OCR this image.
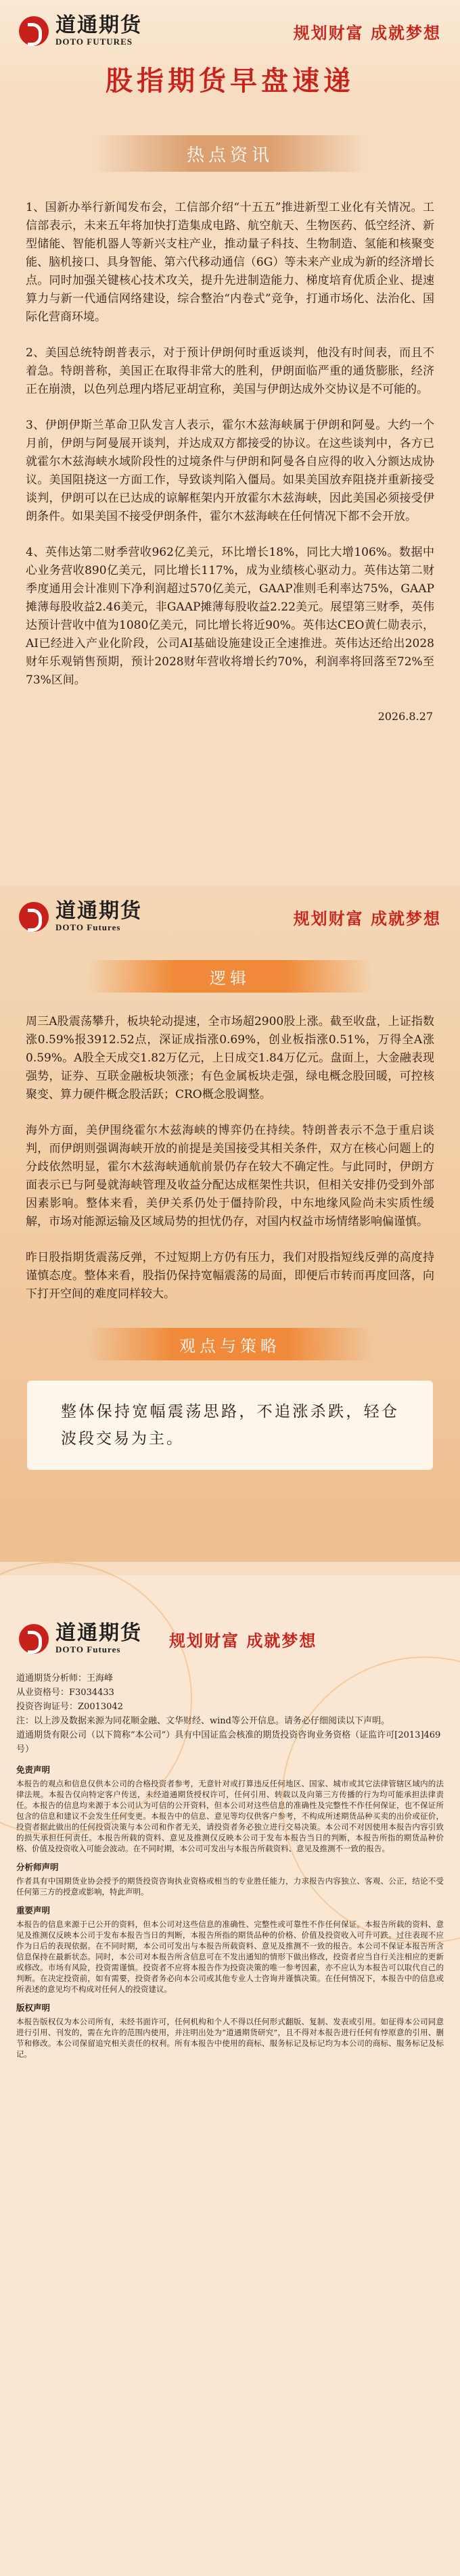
道通期货
DOTO FUTURES	规划财富 成就梦想
股指期货早盘速递
热点资讯

1、国新办举行新闻发布会，工信部介绍“十五五”推进新型工业化有关情况。工信部表示，未来五年将加快打造集成电路、航空航天、生物医药、低空经济、新型储能、智能机器人等新兴支柱产业，推动量子科技、生物制造、氢能和核聚变能、脑机接口、具身智能、第六代移动通信（6G）等未来产业成为新的经济增长点。同时加强关键核心技术攻关，提升先进制造能力、梯度培育优质企业、提速算力与新一代通信网络建设，综合整治“内卷式”竞争，打通市场化、法治化、国际化营商环境。

2、美国总统特朗普表示，对于预计伊朗何时重返谈判，他没有时间表，而且不着急。特朗普称，美国正在取得非常大的胜利，伊朗面临严重的通货膨胀，经济正在崩溃，以色列总理内塔尼亚胡宣称，美国与伊朗达成外交协议是不可能的。

3、伊朗伊斯兰革命卫队发言人表示，霍尔木兹海峡属于伊朗和阿曼。大约一个月前，伊朗与阿曼展开谈判，并达成双方都接受的协议。在这些谈判中，各方已就霍尔木兹海峡水域阶段性的过境条件与伊朗和阿曼各自应得的收入分额达成协议。美国阻挠这一方面工作，导致谈判陷入僵局。如果美国放弃阻挠并重新接受谈判，伊朗可以在已达成的谅解框架内开放霍尔木兹海峡，因此美国必须接受伊朗条件。如果美国不接受伊朗条件，霍尔木兹海峡在任何情况下都不会开放。

4、英伟达第二财季营收962亿美元，环比增长18%，同比大增106%。数据中心业务营收890亿美元，同比增长117%，成为业绩核心驱动力。英伟达第二财季度通用会计准则下净利润超过570亿美元，GAAP准则毛利率达75%，GAAP摊薄每股收益2.46美元，非GAAP摊薄每股收益2.22美元。展望第三财季，英伟达预计营收中值为1080亿美元，同比增长将近90%。英伟达CEO黄仁勋表示，AI已经进入产业化阶段，公司AI基础设施建设正全速推进。英伟达还给出2028财年乐观销售预期，预计2028财年营收将增长约70%，利润率将回落至72%至73%区间。

2026.8.27
道通期货
DOTO Futures	规划财富 成就梦想
逻辑

周三A股震荡攀升，板块轮动提速，全市场超2900股上涨。截至收盘，上证指数涨0.59%报3912.52点，深证成指涨0.69%，创业板指涨0.51%，万得全A涨0.59%。A股全天成交1.82万亿元，上日成交1.84万亿元。盘面上，大金融表现强势，证券、互联金融板块领涨；有色金属板块走强，绿电概念股回暖，可控核聚变、算力硬件概念股活跃；CRO概念股调整。

海外方面，美伊围绕霍尔木兹海峡的博弈仍在持续。特朗普表示不急于重启谈判，而伊朗则强调海峡开放的前提是美国接受其相关条件，双方在核心问题上的分歧依然明显，霍尔木兹海峡通航前景仍存在较大不确定性。与此同时，伊朗方面表示已与阿曼就海峡管理及收益分配达成框架性共识，但相关安排仍受到外部因素影响。整体来看，美伊关系仍处于僵持阶段，中东地缘风险尚未实质性缓解，市场对能源运输及区域局势的担忧仍存，对国内权益市场情绪影响偏谨慎。

昨日股指期货震荡反弹，不过短期上方仍有压力，我们对股指短线反弹的高度持谨慎态度。整体来看，股指仍保持宽幅震荡的局面，即便后市转而再度回落，向下打开空间的难度同样较大。

观点与策略
整体保持宽幅震荡思路，不追涨杀跌，轻仓波段交易为主。
道通期货
DOTO Futures	规划财富 成就梦想
道通期货分析师：王海峰
从业资格号：F3034433
投资咨询证号：Z0013042
注：以上涉及数据来源为同花顺金融、文华财经、wind等公开信息。请务必仔细阅读以下声明。
道通期货有限公司（以下简称“本公司”）具有中国证监会核准的期货投资咨询业务资格（证监许可[2013]469号）
免责声明

本报告的观点和信息仅供本公司的合格投资者参考，无意针对或打算违反任何地区、国家、城市或其它法律管辖区域内的法律法规。本报告仅向特定客户传送，未经道通期货授权许可，任何引用、转载以及向第三方传播的行为均可能承担法律责任。本报告的信息均来源于本公司认为可信的公开资料，但本公司对这些信息的准确性及完整性不作任何保证，也不保证所包含的信息和建议不会发生任何变更。本报告中的信息、意见等均仅供客户参考，不构成所述期货品种买卖的出价或征价，投资者据此做出的任何投资决策与本公司和作者无关，请投资者务必独立进行交易决策。本公司不对因使用本报告内容引致的损失承担任何责任。本报告所载的资料、意见及推测仅反映本公司于发布本报告当日的判断，本报告所指的期货品种价格、价值及投资收入可能会波动。在不同时期，本公司可发出与本报告所载资料、意见及推测不一致的报告。

分析师声明

作者具有中国期货业协会授予的期货投资咨询执业资格或相当的专业胜任能力，力求报告内容独立、客观、公正，结论不受任何第三方的授意或影响，特此声明。

重要声明

本报告的信息来源于已公开的资料，但本公司对这些信息的准确性、完整性或可靠性不作任何保证。本报告所载的资料、意见及推测仅反映本公司于发布本报告当日的判断，本报告所指的期货品种的价格、价值及投资收入可升可跌。过往表现不应作为日后的表现依据。在不同时期，本公司可发出与本报告所载资料、意见及推测不一致的报告。本公司不保证本报告所含信息保持在最新状态。同时，本公司对本报告所含信息可在不发出通知的情形下做出修改，投资者应当自行关注相应的更新或修改。市场有风险，投资需谨慎。投资者不应将本报告作为投资决策的唯一参考因素，亦不应认为本报告可以取代自己的判断。在决定投资前，如有需要，投资者务必向本公司或其他专业人士咨询并谨慎决策。在任何情况下，本报告中的信息或所表述的意见均不构成对任何人的投资建议。

版权声明

本报告版权仅为本公司所有，未经书面许可，任何机构和个人不得以任何形式翻版、复制、发表或引用。如征得本公司同意进行引用、刊发的，需在允许的范围内使用，并注明出处为“道通期货研究”，且不得对本报告进行任何有悖原意的引用、删节和修改。本公司保留追究相关责任的权利。所有本报告中使用的商标、服务标记及标记均为本公司的商标、服务标记及标记。
